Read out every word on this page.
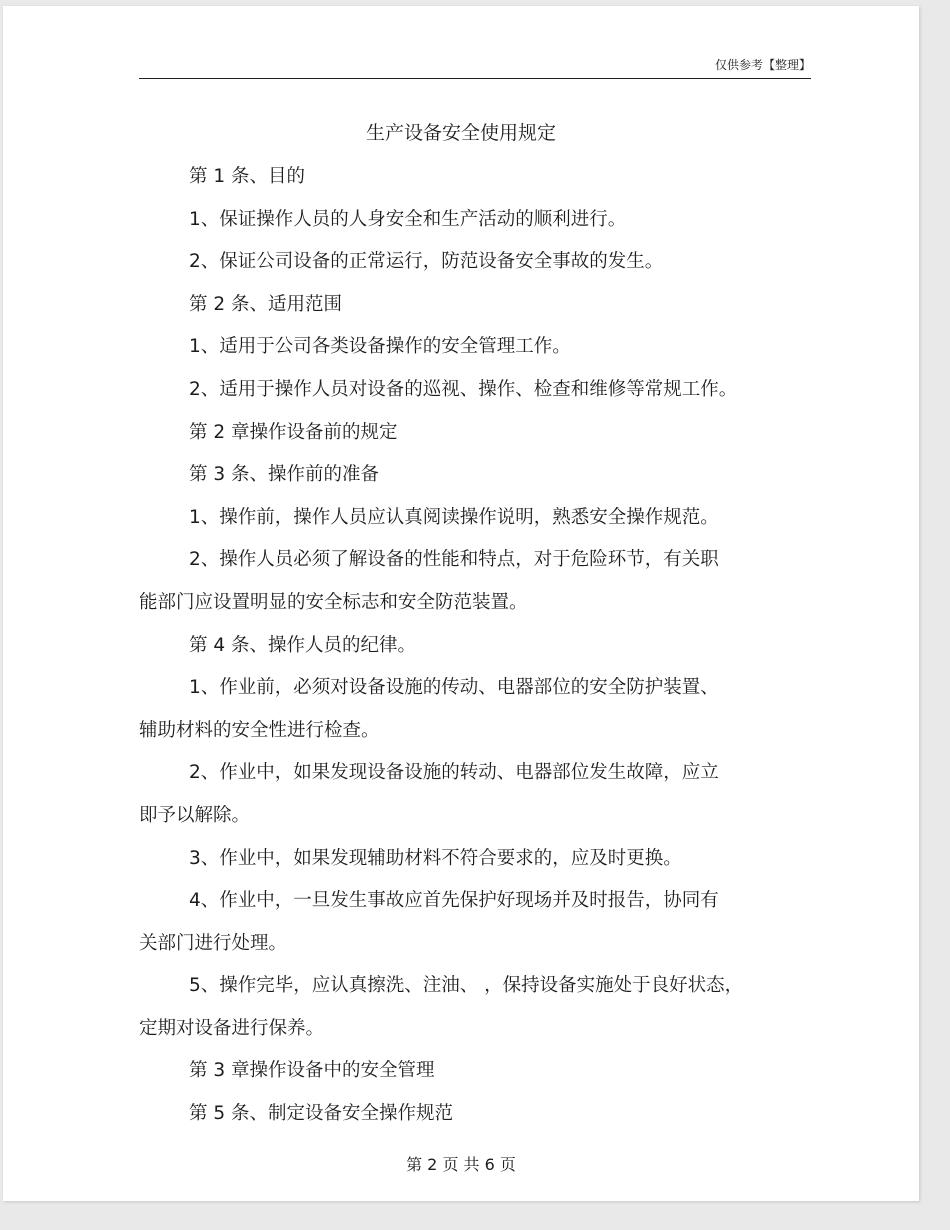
仅供参考【整理】
生产设备安全使用规定
第 1 条、目的
1、保证操作人员的人身安全和生产活动的顺利进行。
2、保证公司设备的正常运行，防范设备安全事故的发生。
第 2 条、适用范围
1、适用于公司各类设备操作的安全管理工作。
2、适用于操作人员对设备的巡视、操作、检查和维修等常规工作。
第 2 章操作设备前的规定
第 3 条、操作前的准备
1、操作前，操作人员应认真阅读操作说明，熟悉安全操作规范。
2、操作人员必须了解设备的性能和特点，对于危险环节，有关职
能部门应设置明显的安全标志和安全防范装置。
第 4 条、操作人员的纪律。
1、作业前，必须对设备设施的传动、电器部位的安全防护装置、
辅助材料的安全性进行检查。
2、作业中，如果发现设备设施的转动、电器部位发生故障，应立
即予以解除。
3、作业中，如果发现辅助材料不符合要求的，应及时更换。
4、作业中，一旦发生事故应首先保护好现场并及时报告，协同有
关部门进行处理。
5、操作完毕，应认真擦洗、注油、 ，保持设备实施处于良好状态，
定期对设备进行保养。
第 3 章操作设备中的安全管理
第 5 条、制定设备安全操作规范
第 2 页 共 6 页
